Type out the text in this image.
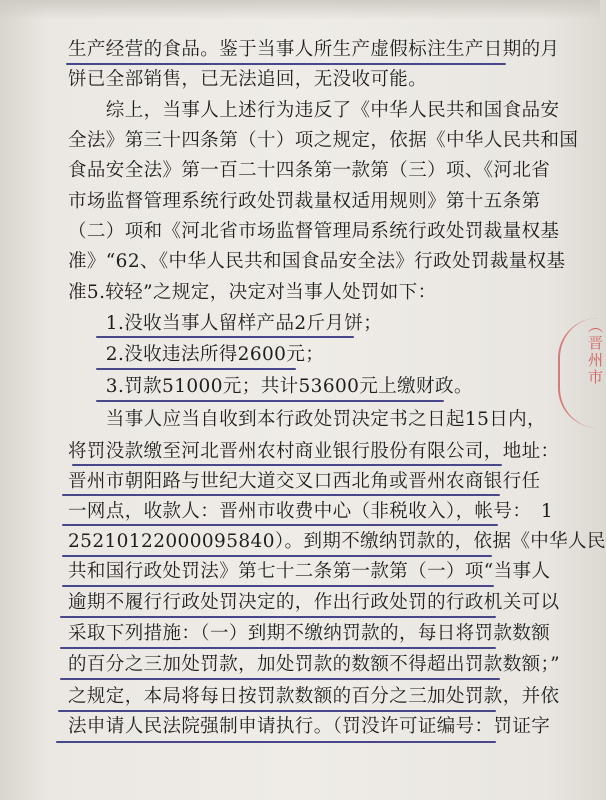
生产经营的食品。鉴于当事人所生产虚假标注生产日期的月
饼已全部销售，已无法追回，无没收可能。
　　综上，当事人上述行为违反了《中华人民共和国食品安
全法》第三十四条第（十）项之规定，依据《中华人民共和国
食品安全法》第一百二十四条第一款第（三）项、《河北省
市场监督管理系统行政处罚裁量权适用规则》第十五条第
（二）项和《河北省市场监督管理局系统行政处罚裁量权基
准》“62、《中华人民共和国食品安全法》行政处罚裁量权基
准5.较轻”之规定，决定对当事人处罚如下：
　　1.没收当事人留样产品2斤月饼；
　　2.没收违法所得2600元；
　　3.罚款51000元；共计53600元上缴财政。
　　当事人应当自收到本行政处罚决定书之日起15日内，
将罚没款缴至河北晋州农村商业银行股份有限公司，地址：
晋州市朝阳路与世纪大道交叉口西北角或晋州农商银行任
一网点，收款人：晋州市收费中心（非税收入），帐号：　1
25210122000095840）。到期不缴纳罚款的，依据《中华人民
共和国行政处罚法》第七十二条第一款第（一）项“当事人
逾期不履行行政处罚决定的，作出行政处罚的行政机关可以
采取下列措施：（一）到期不缴纳罚款的，每日将罚款数额
的百分之三加处罚款，加处罚款的数额不得超出罚款数额；”
之规定，本局将每日按罚款数额的百分之三加处罚款，并依
法申请人民法院强制申请执行。（罚没许可证编号：罚证字
（晋州市
